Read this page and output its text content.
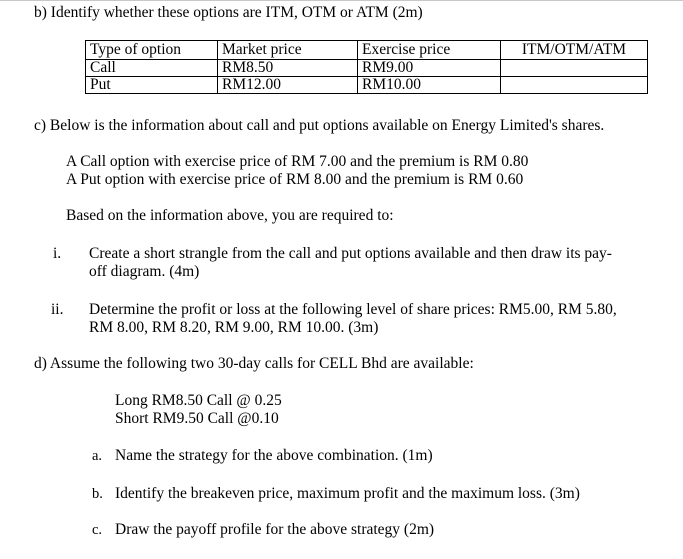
b) Identify whether these options are ITM, OTM or ATM (2m)
Type of option	Market price	Exercise price	ITM/OTM/ATM
Call	RM8.50	RM9.00	
Put	RM12.00	RM10.00	
c) Below is the information about call and put options available on Energy Limited's shares.
A Call option with exercise price of RM 7.00 and the premium is RM 0.80
A Put option with exercise price of RM 8.00 and the premium is RM 0.60
Based on the information above, you are required to:
i. Create a short strangle from the call and put options available and then draw its pay-
off diagram. (4m)
ii. Determine the profit or loss at the following level of share prices: RM5.00, RM 5.80,
RM 8.00, RM 8.20, RM 9.00, RM 10.00. (3m)
d) Assume the following two 30-day calls for CELL Bhd are available:
Long RM8.50 Call @ 0.25
Short RM9.50 Call @0.10
a. Name the strategy for the above combination. (1m)
b. Identify the breakeven price, maximum profit and the maximum loss. (3m)
c. Draw the payoff profile for the above strategy (2m)
